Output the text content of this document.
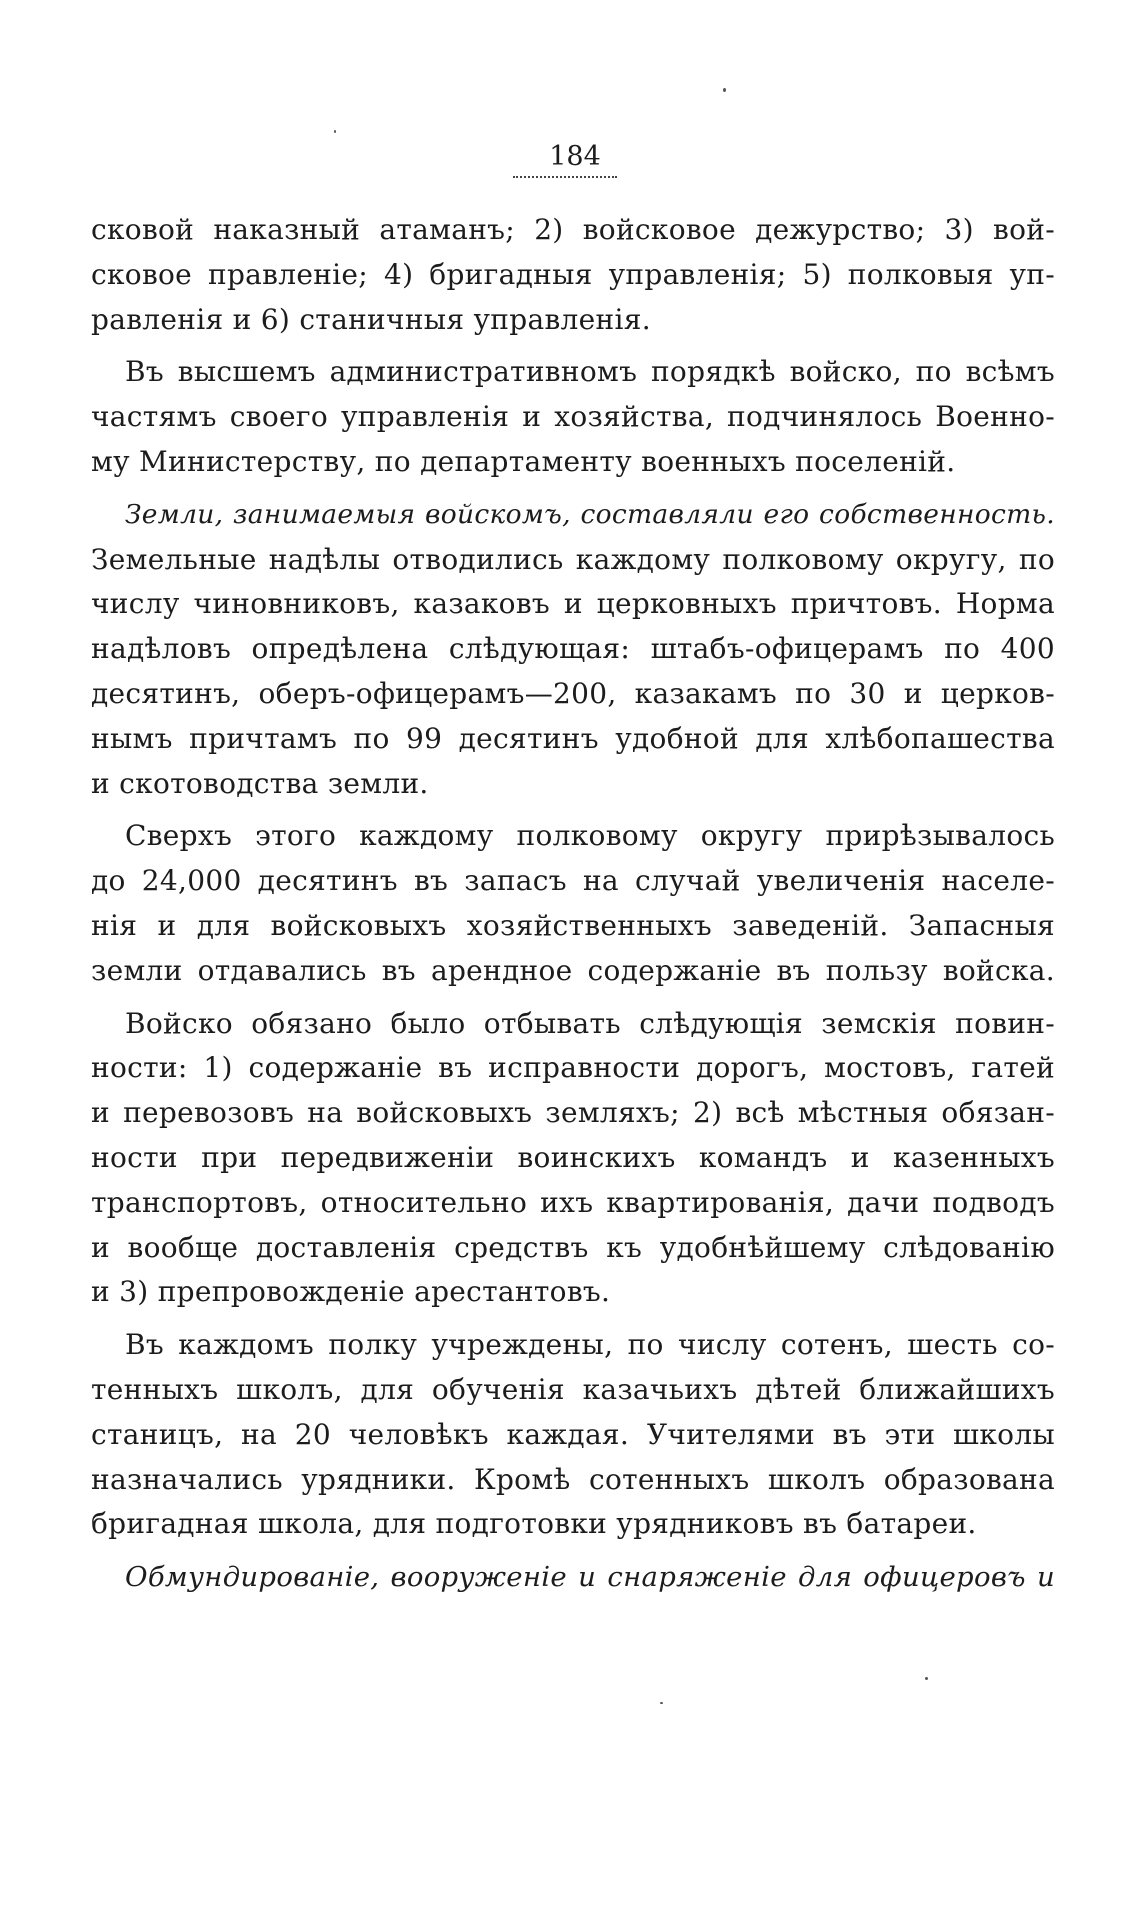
184
сковой наказный атаманъ; 2) войсковое дежурство; 3) вой-
сковое правленіе; 4) бригадныя управленія; 5) полковыя уп-
равленія и 6) станичныя управленія.
Въ высшемъ административномъ порядкѣ войско, по всѣмъ
частямъ своего управленія и хозяйства, подчинялось Военно-
му Министерству, по департаменту военныхъ поселеній.
Земли, занимаемыя войскомъ, составляли его собственность.
Земельные надѣлы отводились каждому полковому округу, по
числу чиновниковъ, казаковъ и церковныхъ причтовъ. Норма
надѣловъ опредѣлена слѣдующая: штабъ-офицерамъ по 400
десятинъ, оберъ-офицерамъ—200, казакамъ по 30 и церков-
нымъ причтамъ по 99 десятинъ удобной для хлѣбопашества
и скотоводства земли.
Сверхъ этого каждому полковому округу прирѣзывалось
до 24,000 десятинъ въ запасъ на случай увеличенія населе-
нія и для войсковыхъ хозяйственныхъ заведеній. Запасныя
земли отдавались въ арендное содержаніе въ пользу войска.
Войско обязано было отбывать слѣдующія земскія повин-
ности: 1) содержаніе въ исправности дорогъ, мостовъ, гатей
и перевозовъ на войсковыхъ земляхъ; 2) всѣ мѣстныя обязан-
ности при передвиженіи воинскихъ командъ и казенныхъ
транспортовъ, относительно ихъ квартированія, дачи подводъ
и вообще доставленія средствъ къ удобнѣйшему слѣдованію
и 3) препровожденіе арестантовъ.
Въ каждомъ полку учреждены, по числу сотенъ, шесть со-
тенныхъ школъ, для обученія казачьихъ дѣтей ближайшихъ
станицъ, на 20 человѣкъ каждая. Учителями въ эти школы
назначались урядники. Кромѣ сотенныхъ школъ образована
бригадная школа, для подготовки урядниковъ въ батареи.
Обмундированіе, вооруженіе и снаряженіе для офицеровъ и
